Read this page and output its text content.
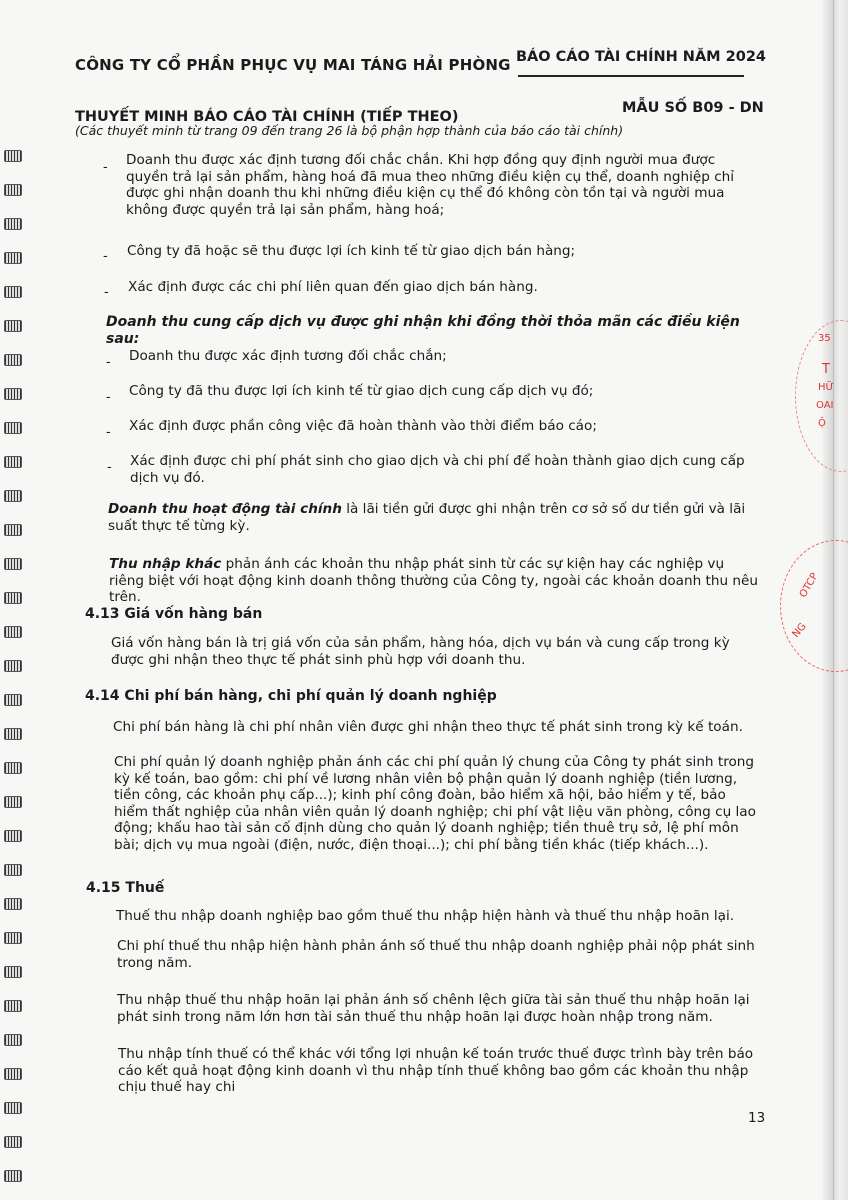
35
T
HỮ
OAI
Ộ
OTCP
NG
CÔNG TY CỔ PHẦN PHỤC VỤ MAI TÁNG HẢI PHÒNG BÁO CÁO TÀI CHÍNH NĂM 2024
THUYẾT MINH BÁO CÁO TÀI CHÍNH (TIẾP THEO)
MẪU SỐ B09 - DN
(Các thuyết minh từ trang 09 đến trang 26 là bộ phận hợp thành của báo cáo tài chính)
- Doanh thu được xác định tương đối chắc chắn. Khi hợp đồng quy định người mua được quyền trả lại sản phẩm, hàng hoá đã mua theo những điều kiện cụ thể, doanh nghiệp chỉ được ghi nhận doanh thu khi những điều kiện cụ thể đó không còn tồn tại và người mua không được quyền trả lại sản phẩm, hàng hoá;

- Công ty đã hoặc sẽ thu được lợi ích kinh tế từ giao dịch bán hàng;

- Xác định được các chi phí liên quan đến giao dịch bán hàng.

Doanh thu cung cấp dịch vụ được ghi nhận khi đồng thời thỏa mãn các điều kiện sau:

- Doanh thu được xác định tương đối chắc chắn;

- Công ty đã thu được lợi ích kinh tế từ giao dịch cung cấp dịch vụ đó;

- Xác định được phần công việc đã hoàn thành vào thời điểm báo cáo;

- Xác định được chi phí phát sinh cho giao dịch và chi phí để hoàn thành giao dịch cung cấp dịch vụ đó.

Doanh thu hoạt động tài chính là lãi tiền gửi được ghi nhận trên cơ sở số dư tiền gửi và lãi suất thực tế từng kỳ.

Thu nhập khác phản ánh các khoản thu nhập phát sinh từ các sự kiện hay các nghiệp vụ riêng biệt với hoạt động kinh doanh thông thường của Công ty, ngoài các khoản doanh thu nêu trên.

4.13 Giá vốn hàng bán

Giá vốn hàng bán là trị giá vốn của sản phẩm, hàng hóa, dịch vụ bán và cung cấp trong kỳ được ghi nhận theo thực tế phát sinh phù hợp với doanh thu.

4.14 Chi phí bán hàng, chi phí quản lý doanh nghiệp

Chi phí bán hàng là chi phí nhân viên được ghi nhận theo thực tế phát sinh trong kỳ kế toán.

Chi phí quản lý doanh nghiệp phản ánh các chi phí quản lý chung của Công ty phát sinh trong kỳ kế toán, bao gồm: chi phí về lương nhân viên bộ phận quản lý doanh nghiệp (tiền lương, tiền công, các khoản phụ cấp...); kinh phí công đoàn, bảo hiểm xã hội, bảo hiểm y tế, bảo hiểm thất nghiệp của nhân viên quản lý doanh nghiệp; chi phí vật liệu văn phòng, công cụ lao động; khấu hao tài sản cố định dùng cho quản lý doanh nghiệp; tiền thuê trụ sở, lệ phí môn bài; dịch vụ mua ngoài (điện, nước, điện thoại...); chi phí bằng tiền khác (tiếp khách...).

4.15 Thuế

Thuế thu nhập doanh nghiệp bao gồm thuế thu nhập hiện hành và thuế thu nhập hoãn lại.

Chi phí thuế thu nhập hiện hành phản ánh số thuế thu nhập doanh nghiệp phải nộp phát sinh trong năm.

Thu nhập thuế thu nhập hoãn lại phản ánh số chênh lệch giữa tài sản thuế thu nhập hoãn lại phát sinh trong năm lớn hơn tài sản thuế thu nhập hoãn lại được hoàn nhập trong năm.

Thu nhập tính thuế có thể khác với tổng lợi nhuận kế toán trước thuế được trình bày trên báo cáo kết quả hoạt động kinh doanh vì thu nhập tính thuế không bao gồm các khoản thu nhập chịu thuế hay chi

13
